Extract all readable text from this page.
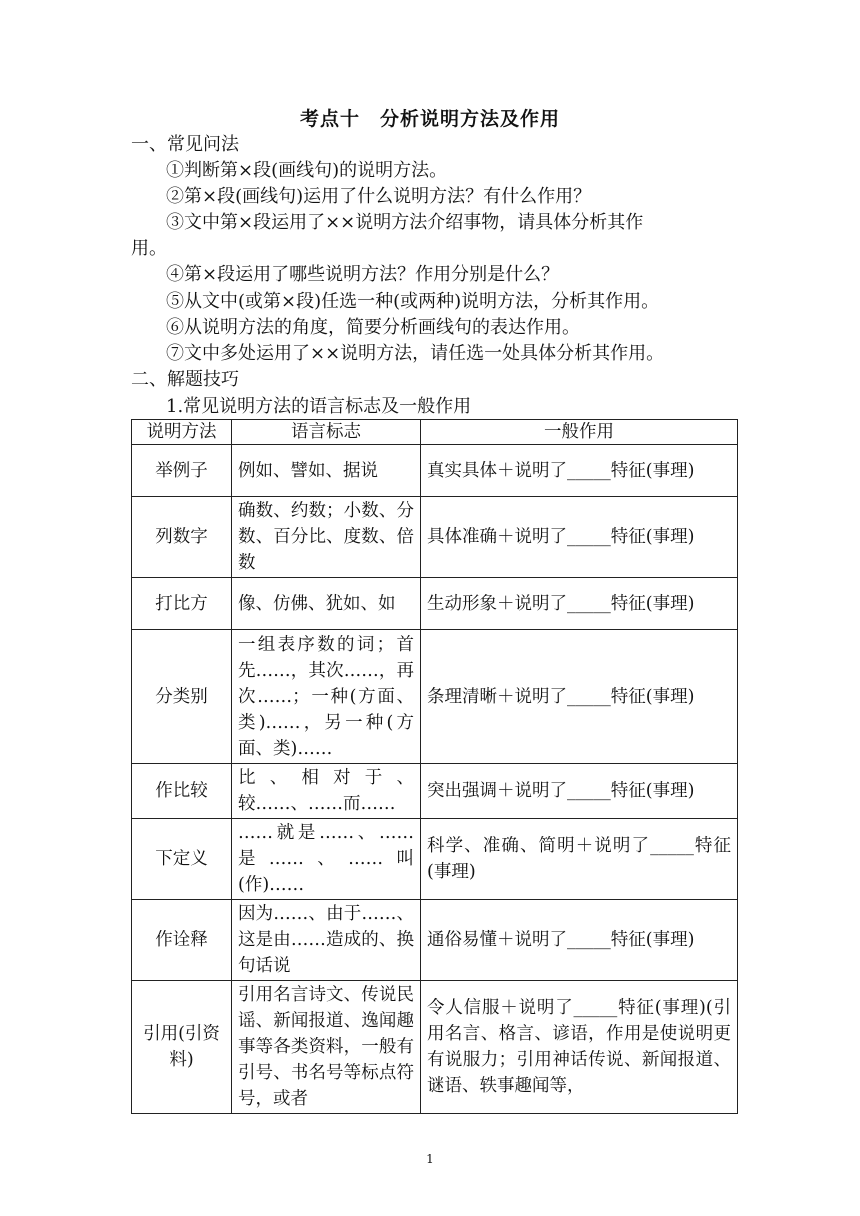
考点十　分析说明方法及作用
一、常见问法
①判断第×段(画线句)的说明方法。
②第×段(画线句)运用了什么说明方法？有什么作用？
③文中第×段运用了××说明方法介绍事物，请具体分析其作
用。
④第×段运用了哪些说明方法？作用分别是什么？
⑤从文中(或第×段)任选一种(或两种)说明方法，分析其作用。
⑥从说明方法的角度，简要分析画线句的表达作用。
⑦文中多处运用了××说明方法，请任选一处具体分析其作用。
二、解题技巧
1.常见说明方法的语言标志及一般作用
说明方法	语言标志	一般作用
举例子	例如、譬如、据说	真实具体＋说明了_____特征(事理)
列数字	确数、约数；小数、分数、百分比、度数、倍数	具体准确＋说明了_____特征(事理)
打比方	像、仿佛、犹如、如	生动形象＋说明了_____特征(事理)
分类别	一组表序数的词；首先……，其次……，再次……；一种(方面、类)……，另一种(方面、类)……	条理清晰＋说明了_____特征(事理)
作比较	比、相对于、较……、……而……	突出强调＋说明了_____特征(事理)
下定义	……就是……、……是……、……叫(作)……	科学、准确、简明＋说明了_____特征(事理)
作诠释	因为……、由于……、这是由……造成的、换句话说	通俗易懂＋说明了_____特征(事理)
引用(引资料)	引用名言诗文、传说民谣、新闻报道、逸闻趣事等各类资料，一般有引号、书名号等标点符号，或者	令人信服＋说明了_____特征(事理)(引用名言、格言、谚语，作用是使说明更有说服力；引用神话传说、新闻报道、谜语、轶事趣闻等，
1
